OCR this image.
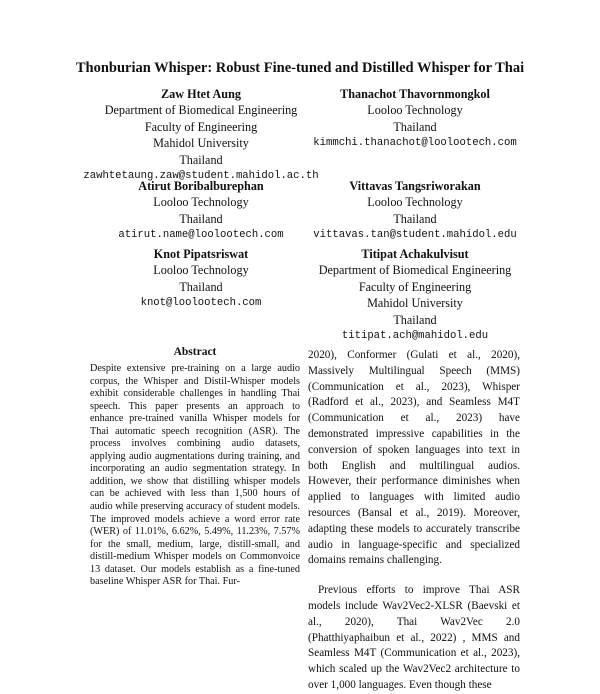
Thonburian Whisper: Robust Fine-tuned and Distilled Whisper for Thai
Zaw Htet Aung
Department of Biomedical Engineering
Faculty of Engineering
Mahidol University
Thailand
zawhtetaung.zaw@student.mahidol.ac.th
Thanachot Thavornmongkol
Looloo Technology
Thailand
kimmchi.thanachot@loolootech.com
Atirut Boribalburephan
Looloo Technology
Thailand
atirut.name@loolootech.com
Vittavas Tangsriworakan
Looloo Technology
Thailand
vittavas.tan@student.mahidol.edu
Knot Pipatsriswat
Looloo Technology
Thailand
knot@loolootech.com
Titipat Achakulvisut
Department of Biomedical Engineering
Faculty of Engineering
Mahidol University
Thailand
titipat.ach@mahidol.edu
Abstract
Despite extensive pre-training on a large audio corpus, the Whisper and Distil-Whisper models exhibit considerable challenges in handling Thai speech. This paper presents an approach to enhance pre-trained vanilla Whisper models for Thai automatic speech recognition (ASR). The process involves combining audio datasets, applying audio augmentations during training, and incorporating an audio segmentation strategy. In addition, we show that distilling whisper models can be achieved with less than 1,500 hours of audio while preserving accuracy of student models. The improved models achieve a word error rate (WER) of 11.01%, 6.62%, 5.49%, 11.23%, 7.57% for the small, medium, large, distill-small, and distill-medium Whisper models on Commonvoice 13 dataset. Our models establish as a fine-tuned baseline Whisper ASR for Thai. Fur-

2020), Conformer (Gulati et al., 2020), Massively Multilingual Speech (MMS) (Communication et al., 2023), Whisper (Radford et al., 2023), and Seamless M4T (Communication et al., 2023) have demonstrated impressive capabilities in the conversion of spoken languages into text in both English and multilingual audios. However, their performance diminishes when applied to languages with limited audio resources (Bansal et al., 2019). Moreover, adapting these models to accurately transcribe audio in language-specific and specialized domains remains challenging.

Previous efforts to improve Thai ASR models include Wav2Vec2-XLSR (Baevski et al., 2020), Thai Wav2Vec 2.0 (Phatthiyaphaibun et al., 2022) , MMS and Seamless M4T (Communication et al., 2023), which scaled up the Wav2Vec2 architecture to over 1,000 languages. Even though these
